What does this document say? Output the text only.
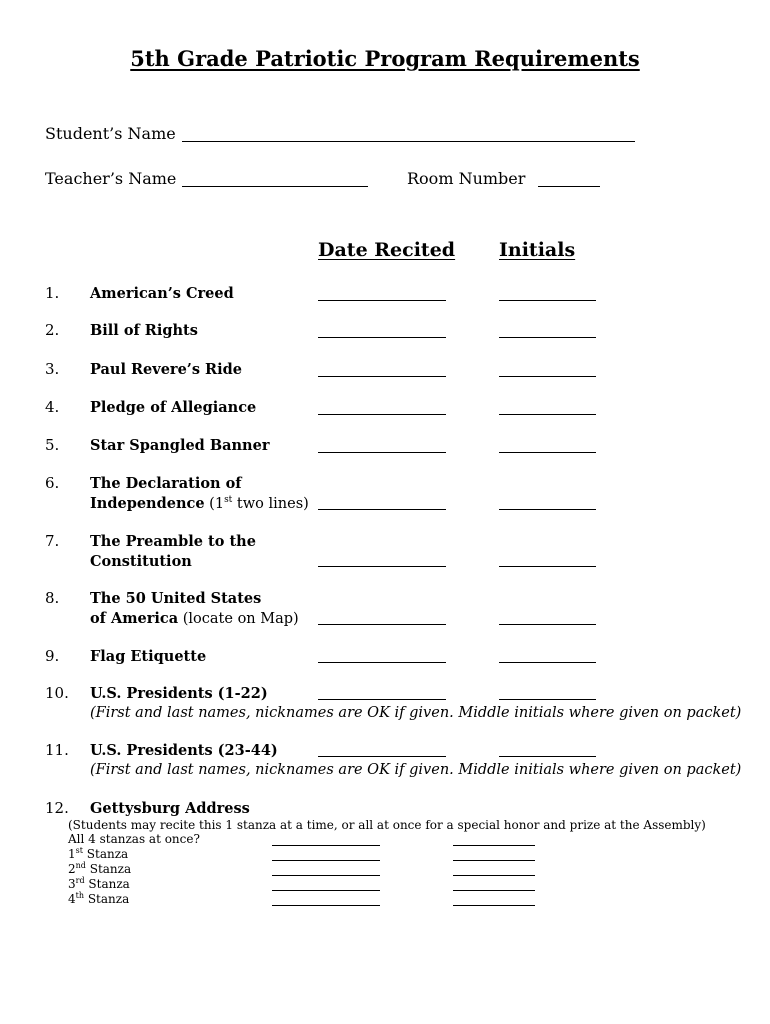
5th Grade Patriotic Program Requirements
Student’s Name
Teacher’s Name	Room Number
Date Recited Initials
1. American’s Creed
2. Bill of Rights
3. Paul Revere’s Ride
4. Pledge of Allegiance
5. Star Spangled Banner
6. The Declaration of
Independence (1st two lines)
7. The Preamble to the
Constitution
8. The 50 United States
of America (locate on Map)
9. Flag Etiquette
10. U.S. Presidents (1-22)
(First and last names, nicknames are OK if given. Middle initials where given on packet)
11. U.S. Presidents (23-44)
(First and last names, nicknames are OK if given. Middle initials where given on packet)
12. Gettysburg Address
(Students may recite this 1 stanza at a time, or all at once for a special honor and prize at the Assembly)
All 4 stanzas at once?
1st Stanza
2nd Stanza
3rd Stanza
4th Stanza
